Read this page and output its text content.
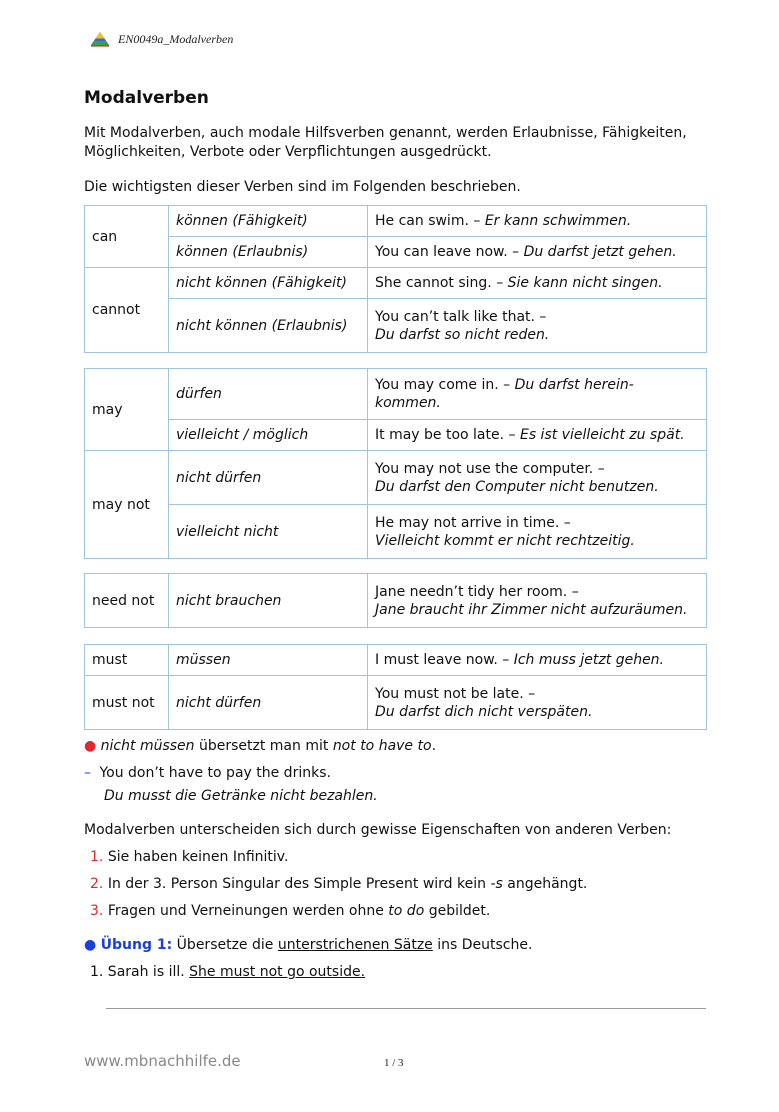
EN0049a_Modalverben
Modalverben

Mit Modalverben, auch modale Hilfsverben genannt, werden Erlaubnisse, Fähigkeiten, Möglichkeiten, Verbote oder Verpflichtungen ausgedrückt.

Die wichtigsten dieser Verben sind im Folgenden beschrieben.

can	können (Fähigkeit)	He can swim. – Er kann schwimmen.
	können (Erlaubnis)	You can leave now. – Du darfst jetzt gehen.
cannot	nicht können (Fähigkeit)	She cannot sing. – Sie kann nicht singen.
	nicht können (Erlaubnis)	You can’t talk like that. –
Du darfst so nicht reden.
may	dürfen	You may come in. – Du darfst herein-
kommen.
	vielleicht / möglich	It may be too late. – Es ist vielleicht zu spät.
may not	nicht dürfen	You may not use the computer. –
Du darfst den Computer nicht benutzen.
	vielleicht nicht	He may not arrive in time. –
Vielleicht kommt er nicht rechtzeitig.
need not	nicht brauchen	Jane needn’t tidy her room. –
Jane braucht ihr Zimmer nicht aufzuräumen.
must	müssen	I must leave now. – Ich muss jetzt gehen.
must not	nicht dürfen	You must not be late. –
Du darfst dich nicht verspäten.
● nicht müssen übersetzt man mit not to have to.
– You don’t have to pay the drinks.
Du musst die Getränke nicht bezahlen.
Modalverben unterscheiden sich durch gewisse Eigenschaften von anderen Verben:
1. Sie haben keinen Infinitiv.
2. In der 3. Person Singular des Simple Present wird kein -s angehängt.
3. Fragen und Verneinungen werden ohne to do gebildet.
● Übung 1: Übersetze die unterstrichenen Sätze ins Deutsche.
1. Sarah is ill. She must not go outside.
www.mbnachhilfe.de	1 / 3
